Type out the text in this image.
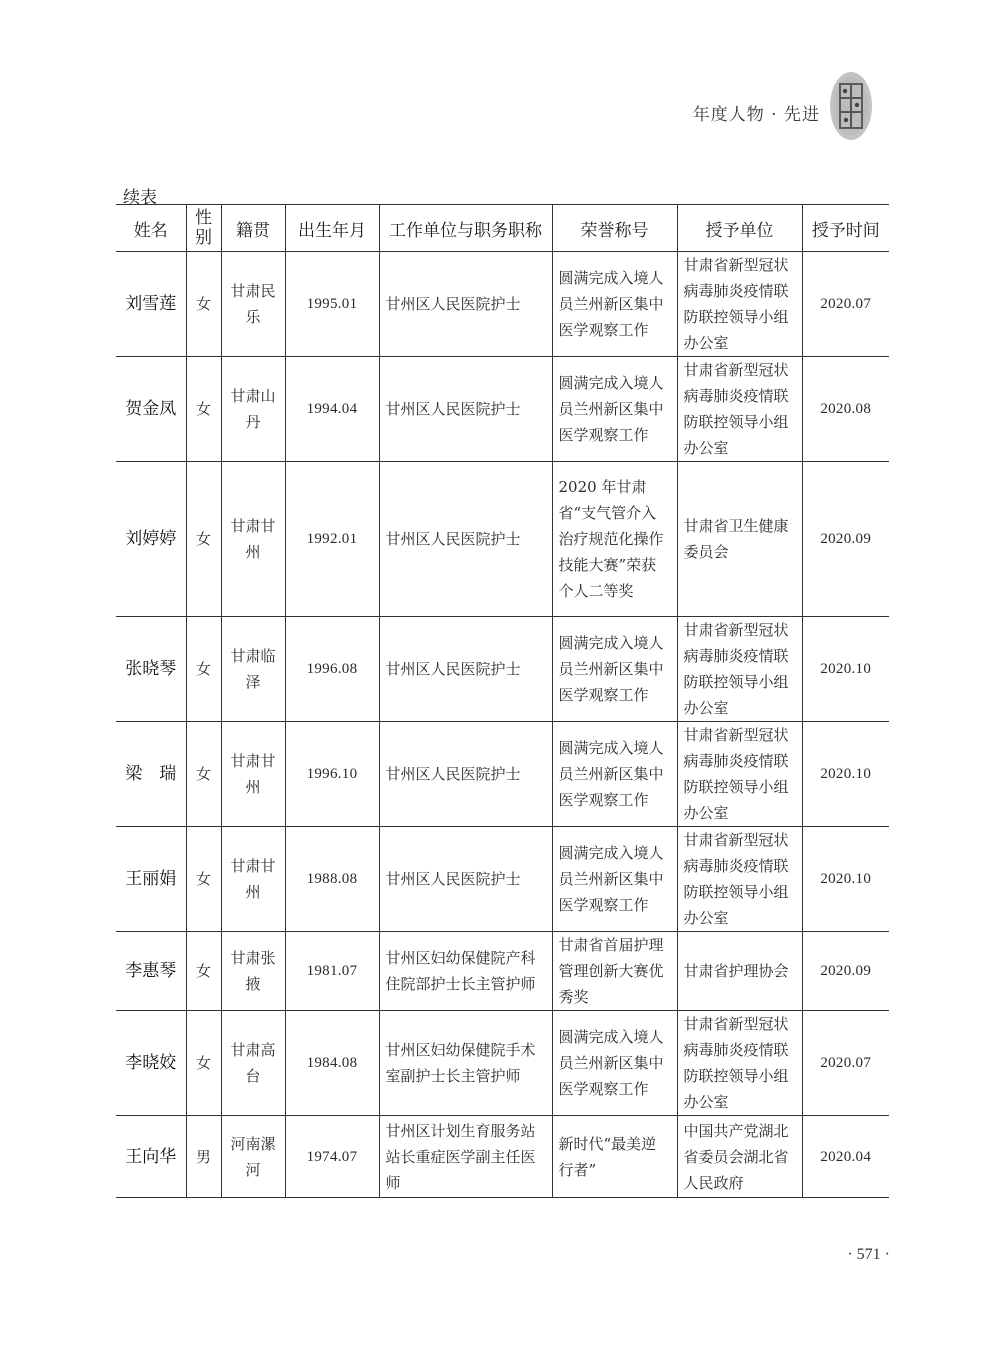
年度人物 · 先进
续表
姓名	性别	籍贯	出生年月	工作单位与职务职称	荣誉称号	授予单位	授予时间
刘雪莲	女	甘肃民乐	1995.01	甘州区人民医院护士	圆满完成入境人员兰州新区集中医学观察工作	甘肃省新型冠状病毒肺炎疫情联防联控领导小组办公室	2020.07
贺金凤	女	甘肃山丹	1994.04	甘州区人民医院护士	圆满完成入境人员兰州新区集中医学观察工作	甘肃省新型冠状病毒肺炎疫情联防联控领导小组办公室	2020.08
刘婷婷	女	甘肃甘州	1992.01	甘州区人民医院护士	2020 年甘肃省“支气管介入治疗规范化操作技能大赛”荣获个人二等奖	甘肃省卫生健康委员会	2020.09
张晓琴	女	甘肃临泽	1996.08	甘州区人民医院护士	圆满完成入境人员兰州新区集中医学观察工作	甘肃省新型冠状病毒肺炎疫情联防联控领导小组办公室	2020.10
梁　瑞	女	甘肃甘州	1996.10	甘州区人民医院护士	圆满完成入境人员兰州新区集中医学观察工作	甘肃省新型冠状病毒肺炎疫情联防联控领导小组办公室	2020.10
王丽娟	女	甘肃甘州	1988.08	甘州区人民医院护士	圆满完成入境人员兰州新区集中医学观察工作	甘肃省新型冠状病毒肺炎疫情联防联控领导小组办公室	2020.10
李惠琴	女	甘肃张掖	1981.07	甘州区妇幼保健院产科住院部护士长主管护师	甘肃省首届护理管理创新大赛优秀奖	甘肃省护理协会	2020.09
李晓姣	女	甘肃高台	1984.08	甘州区妇幼保健院手术室副护士长主管护师	圆满完成入境人员兰州新区集中医学观察工作	甘肃省新型冠状病毒肺炎疫情联防联控领导小组办公室	2020.07
王向华	男	河南漯河	1974.07	甘州区计划生育服务站站长重症医学副主任医师	新时代“最美逆行者”	中国共产党湖北省委员会湖北省人民政府	2020.04
· 571 ·
